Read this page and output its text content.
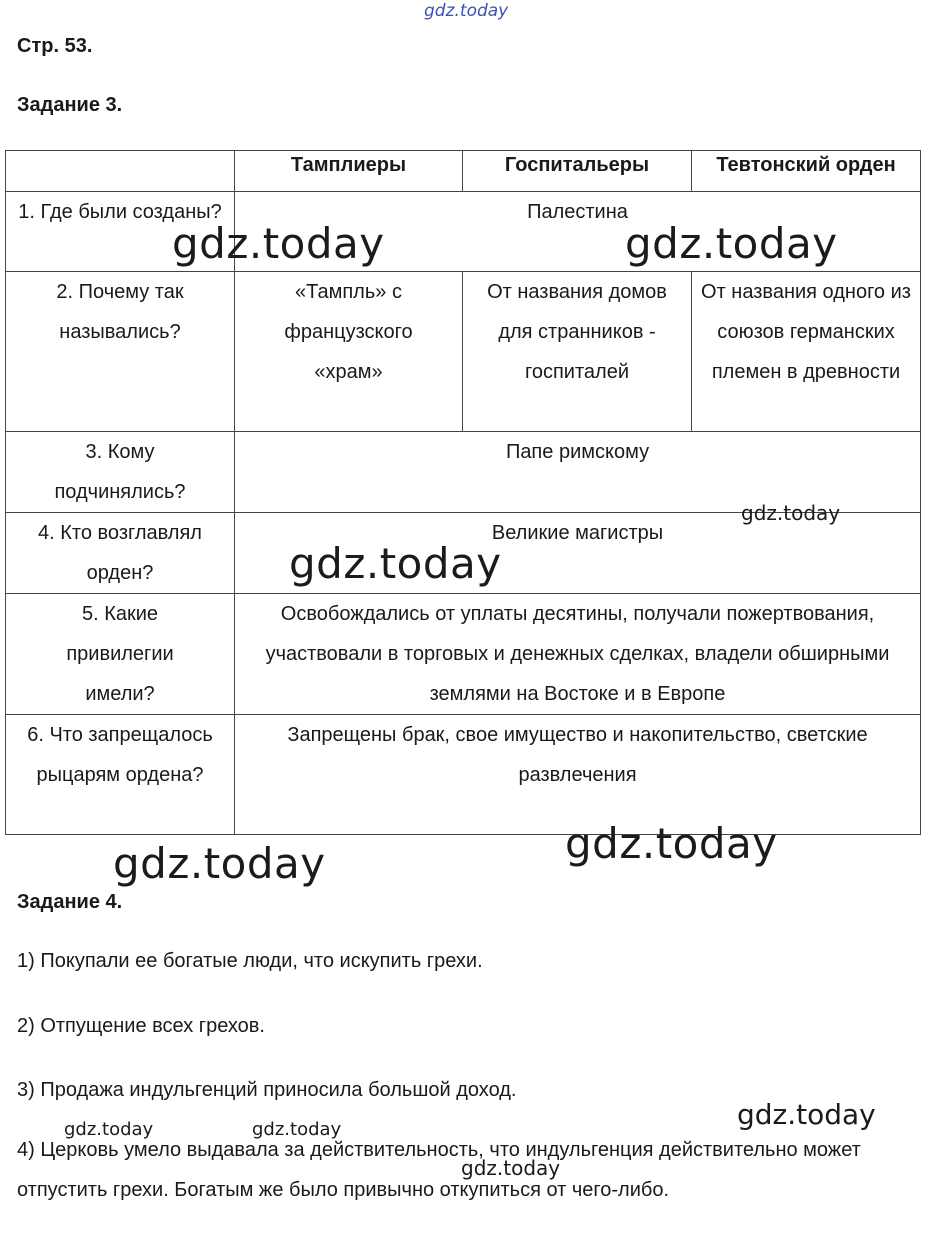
gdz.today
Стр. 53.
Задание 3.
	Тамплиеры	Госпитальеры	Тевтонский орден
1. Где были созданы?	Палестина		
2. Почему так назывались?	«Тампль» с французского «храм»	От названия домов для странников - госпиталей	От названия одного из союзов германских племен в древности
3. Кому подчинялись?	Папе римскому		
4. Кто возглавлял орден?	Великие магистры		
5. Какие привилегии имели?	Освобождались от уплаты десятины, получали пожертвования, участвовали в торговых и денежных сделках, владели обширными землями на Востоке и в Европе		
6. Что запрещалось рыцарям ордена?	Запрещены брак, свое имущество и накопительство, светские развлечения		
Задание 4.
1) Покупали ее богатые люди, что искупить грехи.
2) Отпущение всех грехов.
3) Продажа индульгенций приносила большой доход.
4) Церковь умело выдавала за действительность, что индульгенция действительно может отпустить грехи. Богатым же было привычно откупиться от чего-либо.
gdz.today	gdz.today
gdz.today
gdz.today
gdz.today
gdz.today
gdz.today
gdz.today	gdz.today
gdz.today
